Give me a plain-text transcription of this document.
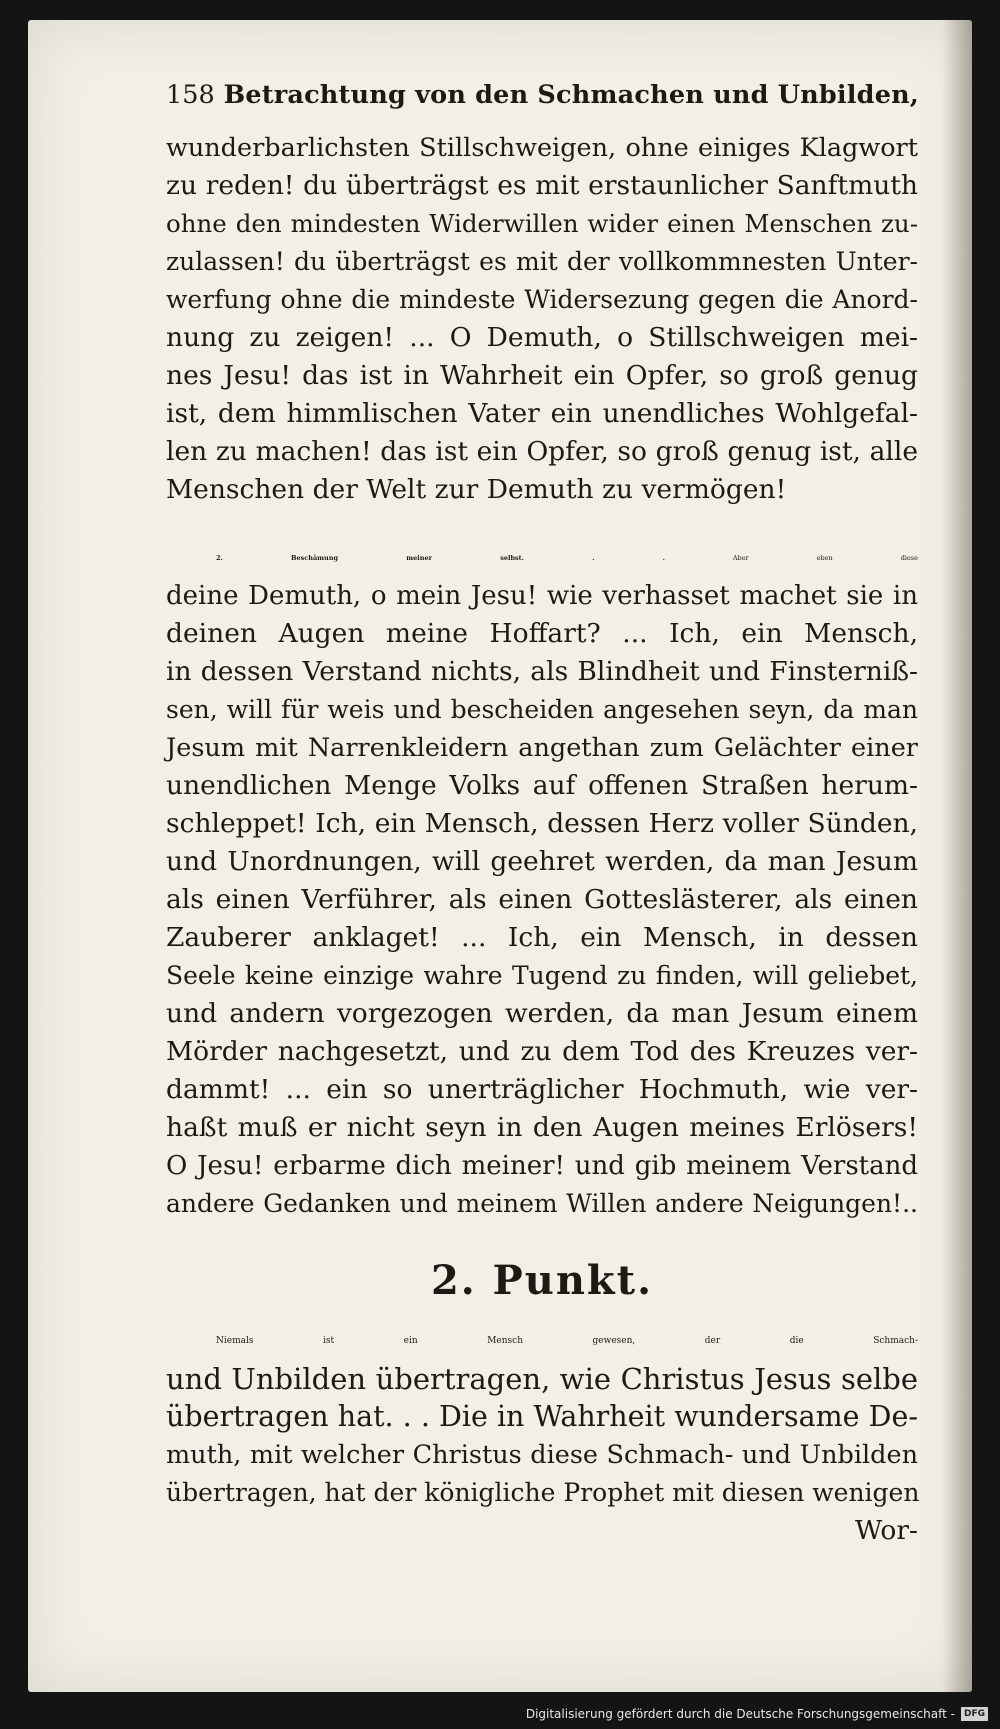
158 Betrachtung von den Schmachen und Unbilden,
wunderbarlichsten Stillschweigen, ohne einiges Klagwort
zu reden! du überträgst es mit erstaunlicher Sanftmuth
ohne den mindesten Widerwillen wider einen Menschen zu-
zulassen! du überträgst es mit der vollkommnesten Unter-
werfung ohne die mindeste Widersezung gegen die Anord-
nung zu zeigen! ... O Demuth, o Stillschweigen mei-
nes Jesu! das ist in Wahrheit ein Opfer, so groß genug
ist, dem himmlischen Vater ein unendliches Wohlgefal-
len zu machen! das ist ein Opfer, so groß genug ist, alle
Menschen der Welt zur Demuth zu vermögen!
2. Beschämung meiner selbst. . .	Aber eben diese
deine Demuth, o mein Jesu! wie verhasset machet sie in
deinen Augen meine Hoffart? ... Ich, ein Mensch,
in dessen Verstand nichts, als Blindheit und Finsterniß-
sen, will für weis und bescheiden angesehen seyn, da man
Jesum mit Narrenkleidern angethan zum Gelächter einer
unendlichen Menge Volks auf offenen Straßen herum-
schleppet! Ich, ein Mensch, dessen Herz voller Sünden,
und Unordnungen, will geehret werden, da man Jesum
als einen Verführer, als einen Gotteslästerer, als einen
Zauberer anklaget! ... Ich, ein Mensch, in dessen
Seele keine einzige wahre Tugend zu finden, will geliebet,
und andern vorgezogen werden, da man Jesum einem
Mörder nachgesetzt, und zu dem Tod des Kreuzes ver-
dammt! ... ein so unerträglicher Hochmuth, wie ver-
haßt muß er nicht seyn in den Augen meines Erlösers!
O Jesu! erbarme dich meiner! und gib meinem Verstand
andere Gedanken und meinem Willen andere Neigungen!..
2. Punkt.
Niemals ist ein Mensch gewesen, der die Schmach-
und Unbilden übertragen, wie Christus Jesus selbe
übertragen hat. . . Die in Wahrheit wundersame De-
muth, mit welcher Christus diese Schmach- und Unbilden
übertragen, hat der königliche Prophet mit diesen wenigen
Wor-
Digitalisierung gefördert durch die Deutsche Forschungsgemeinschaft -	DFG
